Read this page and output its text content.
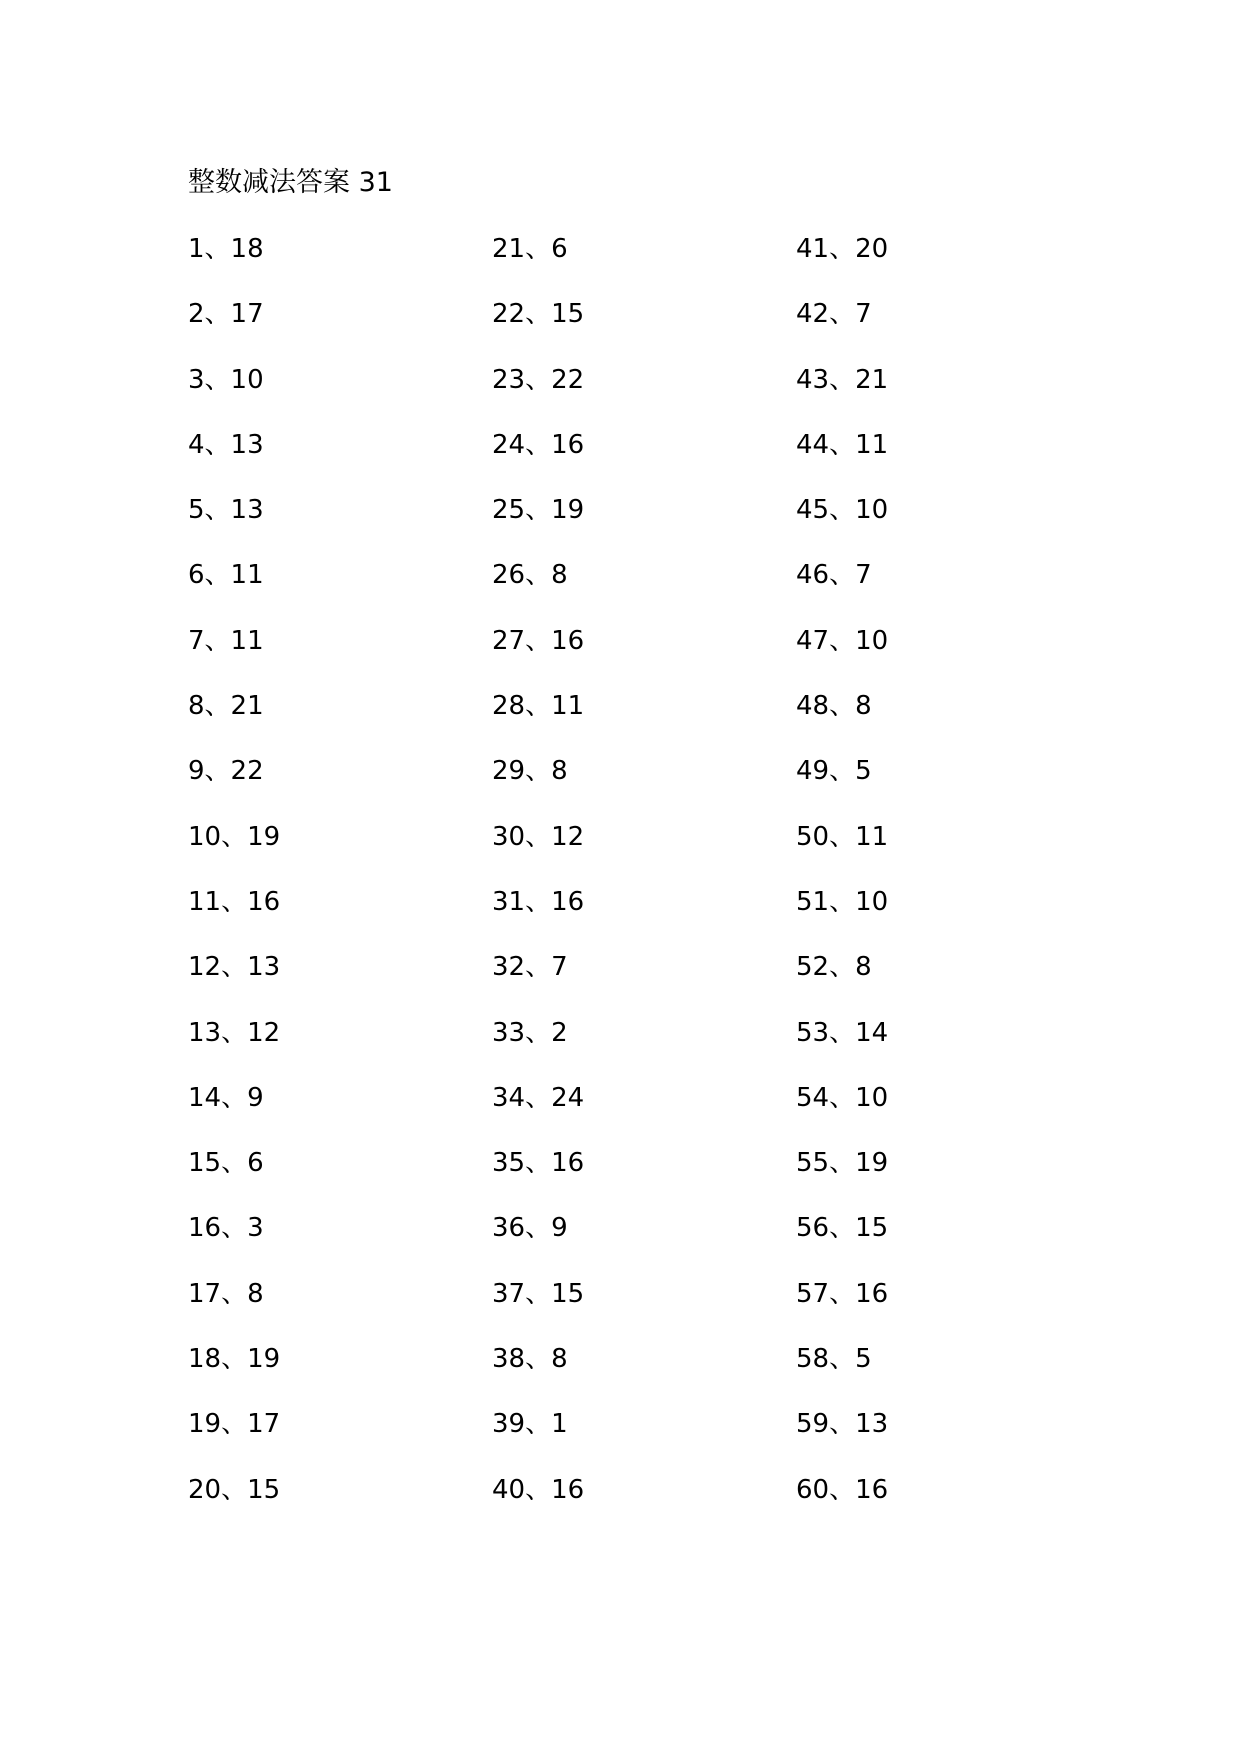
整数减法答案 31
1、18
2、17
3、10
4、13
5、13
6、11
7、11
8、21
9、22
10、19
11、16
12、13
13、12
14、9
15、6
16、3
17、8
18、19
19、17
20、15
21、6
22、15
23、22
24、16
25、19
26、8
27、16
28、11
29、8
30、12
31、16
32、7
33、2
34、24
35、16
36、9
37、15
38、8
39、1
40、16
41、20
42、7
43、21
44、11
45、10
46、7
47、10
48、8
49、5
50、11
51、10
52、8
53、14
54、10
55、19
56、15
57、16
58、5
59、13
60、16
